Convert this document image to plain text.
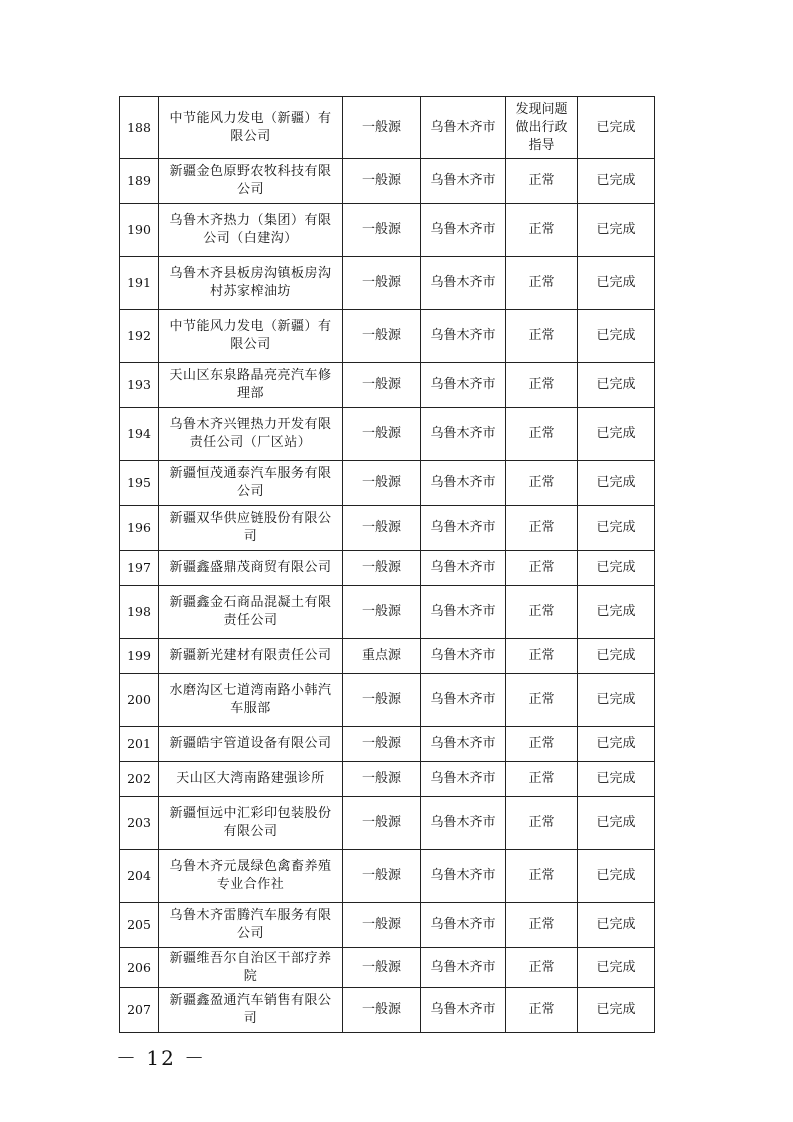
188	中节能风力发电（新疆）有限公司	一般源	乌鲁木齐市	发现问题做出行政指导	已完成
189	新疆金色原野农牧科技有限公司	一般源	乌鲁木齐市	正常	已完成
190	乌鲁木齐热力（集团）有限公司（白建沟）	一般源	乌鲁木齐市	正常	已完成
191	乌鲁木齐县板房沟镇板房沟村苏家榨油坊	一般源	乌鲁木齐市	正常	已完成
192	中节能风力发电（新疆）有限公司	一般源	乌鲁木齐市	正常	已完成
193	天山区东泉路晶亮亮汽车修理部	一般源	乌鲁木齐市	正常	已完成
194	乌鲁木齐兴锂热力开发有限责任公司（厂区站）	一般源	乌鲁木齐市	正常	已完成
195	新疆恒茂通泰汽车服务有限公司	一般源	乌鲁木齐市	正常	已完成
196	新疆双华供应链股份有限公司	一般源	乌鲁木齐市	正常	已完成
197	新疆鑫盛鼎茂商贸有限公司	一般源	乌鲁木齐市	正常	已完成
198	新疆鑫金石商品混凝土有限责任公司	一般源	乌鲁木齐市	正常	已完成
199	新疆新光建材有限责任公司	重点源	乌鲁木齐市	正常	已完成
200	水磨沟区七道湾南路小韩汽车服部	一般源	乌鲁木齐市	正常	已完成
201	新疆皓宇管道设备有限公司	一般源	乌鲁木齐市	正常	已完成
202	天山区大湾南路建强诊所	一般源	乌鲁木齐市	正常	已完成
203	新疆恒远中汇彩印包装股份有限公司	一般源	乌鲁木齐市	正常	已完成
204	乌鲁木齐元晟绿色禽畜养殖专业合作社	一般源	乌鲁木齐市	正常	已完成
205	乌鲁木齐雷腾汽车服务有限公司	一般源	乌鲁木齐市	正常	已完成
206	新疆维吾尔自治区干部疗养院	一般源	乌鲁木齐市	正常	已完成
207	新疆鑫盈通汽车销售有限公司	一般源	乌鲁木齐市	正常	已完成
－ 12 －
